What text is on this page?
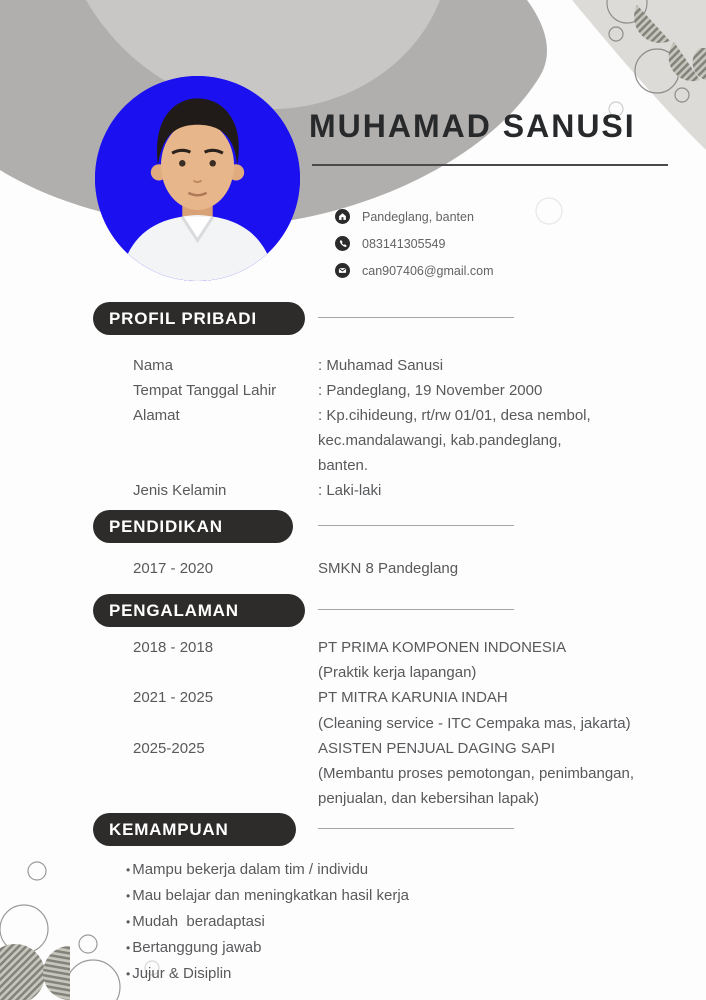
MUHAMAD SANUSI
Pandeglang, banten
083141305549
can907406@gmail.com
PROFIL PRIBADI
Nama	: Muhamad Sanusi
Tempat Tanggal Lahir	: Pandeglang, 19 November 2000
Alamat	: Kp.cihideung, rt/rw 01/01, desa nembol,
kec.mandalawangi, kab.pandeglang,
banten.
Jenis Kelamin	: Laki-laki
PENDIDIKAN
2017 - 2020	SMKN 8 Pandeglang
PENGALAMAN
2018 - 2018	PT PRIMA KOMPONEN INDONESIA
(Praktik kerja lapangan)
2021 - 2025	PT MITRA KARUNIA INDAH
(Cleaning service - ITC Cempaka mas, jakarta)
2025-2025	ASISTEN PENJUAL DAGING SAPI
(Membantu proses pemotongan, penimbangan,
penjualan, dan kebersihan lapak)
KEMAMPUAN
• Mampu bekerja dalam tim / individu
• Mau belajar dan meningkatkan hasil kerja
• Mudah  beradaptasi
• Bertanggung jawab
• Jujur & Disiplin
